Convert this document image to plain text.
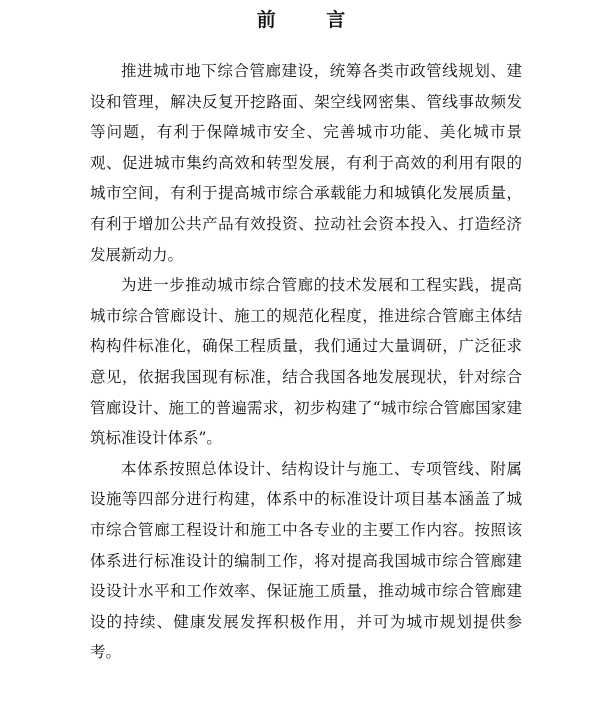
前 言

推进城市地下综合管廊建设，统筹各类市政管线规划、建设和管理，解决反复开挖路面、架空线网密集、管线事故频发等问题，有利于保障城市安全、完善城市功能、美化城市景观、促进城市集约高效和转型发展，有利于高效的利用有限的城市空间，有利于提高城市综合承载能力和城镇化发展质量，有利于增加公共产品有效投资、拉动社会资本投入、打造经济发展新动力。

为进一步推动城市综合管廊的技术发展和工程实践，提高城市综合管廊设计、施工的规范化程度，推进综合管廊主体结构构件标准化，确保工程质量，我们通过大量调研，广泛征求意见，依据我国现有标准，结合我国各地发展现状，针对综合管廊设计、施工的普遍需求，初步构建了“城市综合管廊国家建筑标准设计体系”。

本体系按照总体设计、结构设计与施工、专项管线、附属设施等四部分进行构建，体系中的标准设计项目基本涵盖了城市综合管廊工程设计和施工中各专业的主要工作内容。按照该体系进行标准设计的编制工作，将对提高我国城市综合管廊建设设计水平和工作效率、保证施工质量，推动城市综合管廊建设的持续、健康发展发挥积极作用，并可为城市规划提供参考。
